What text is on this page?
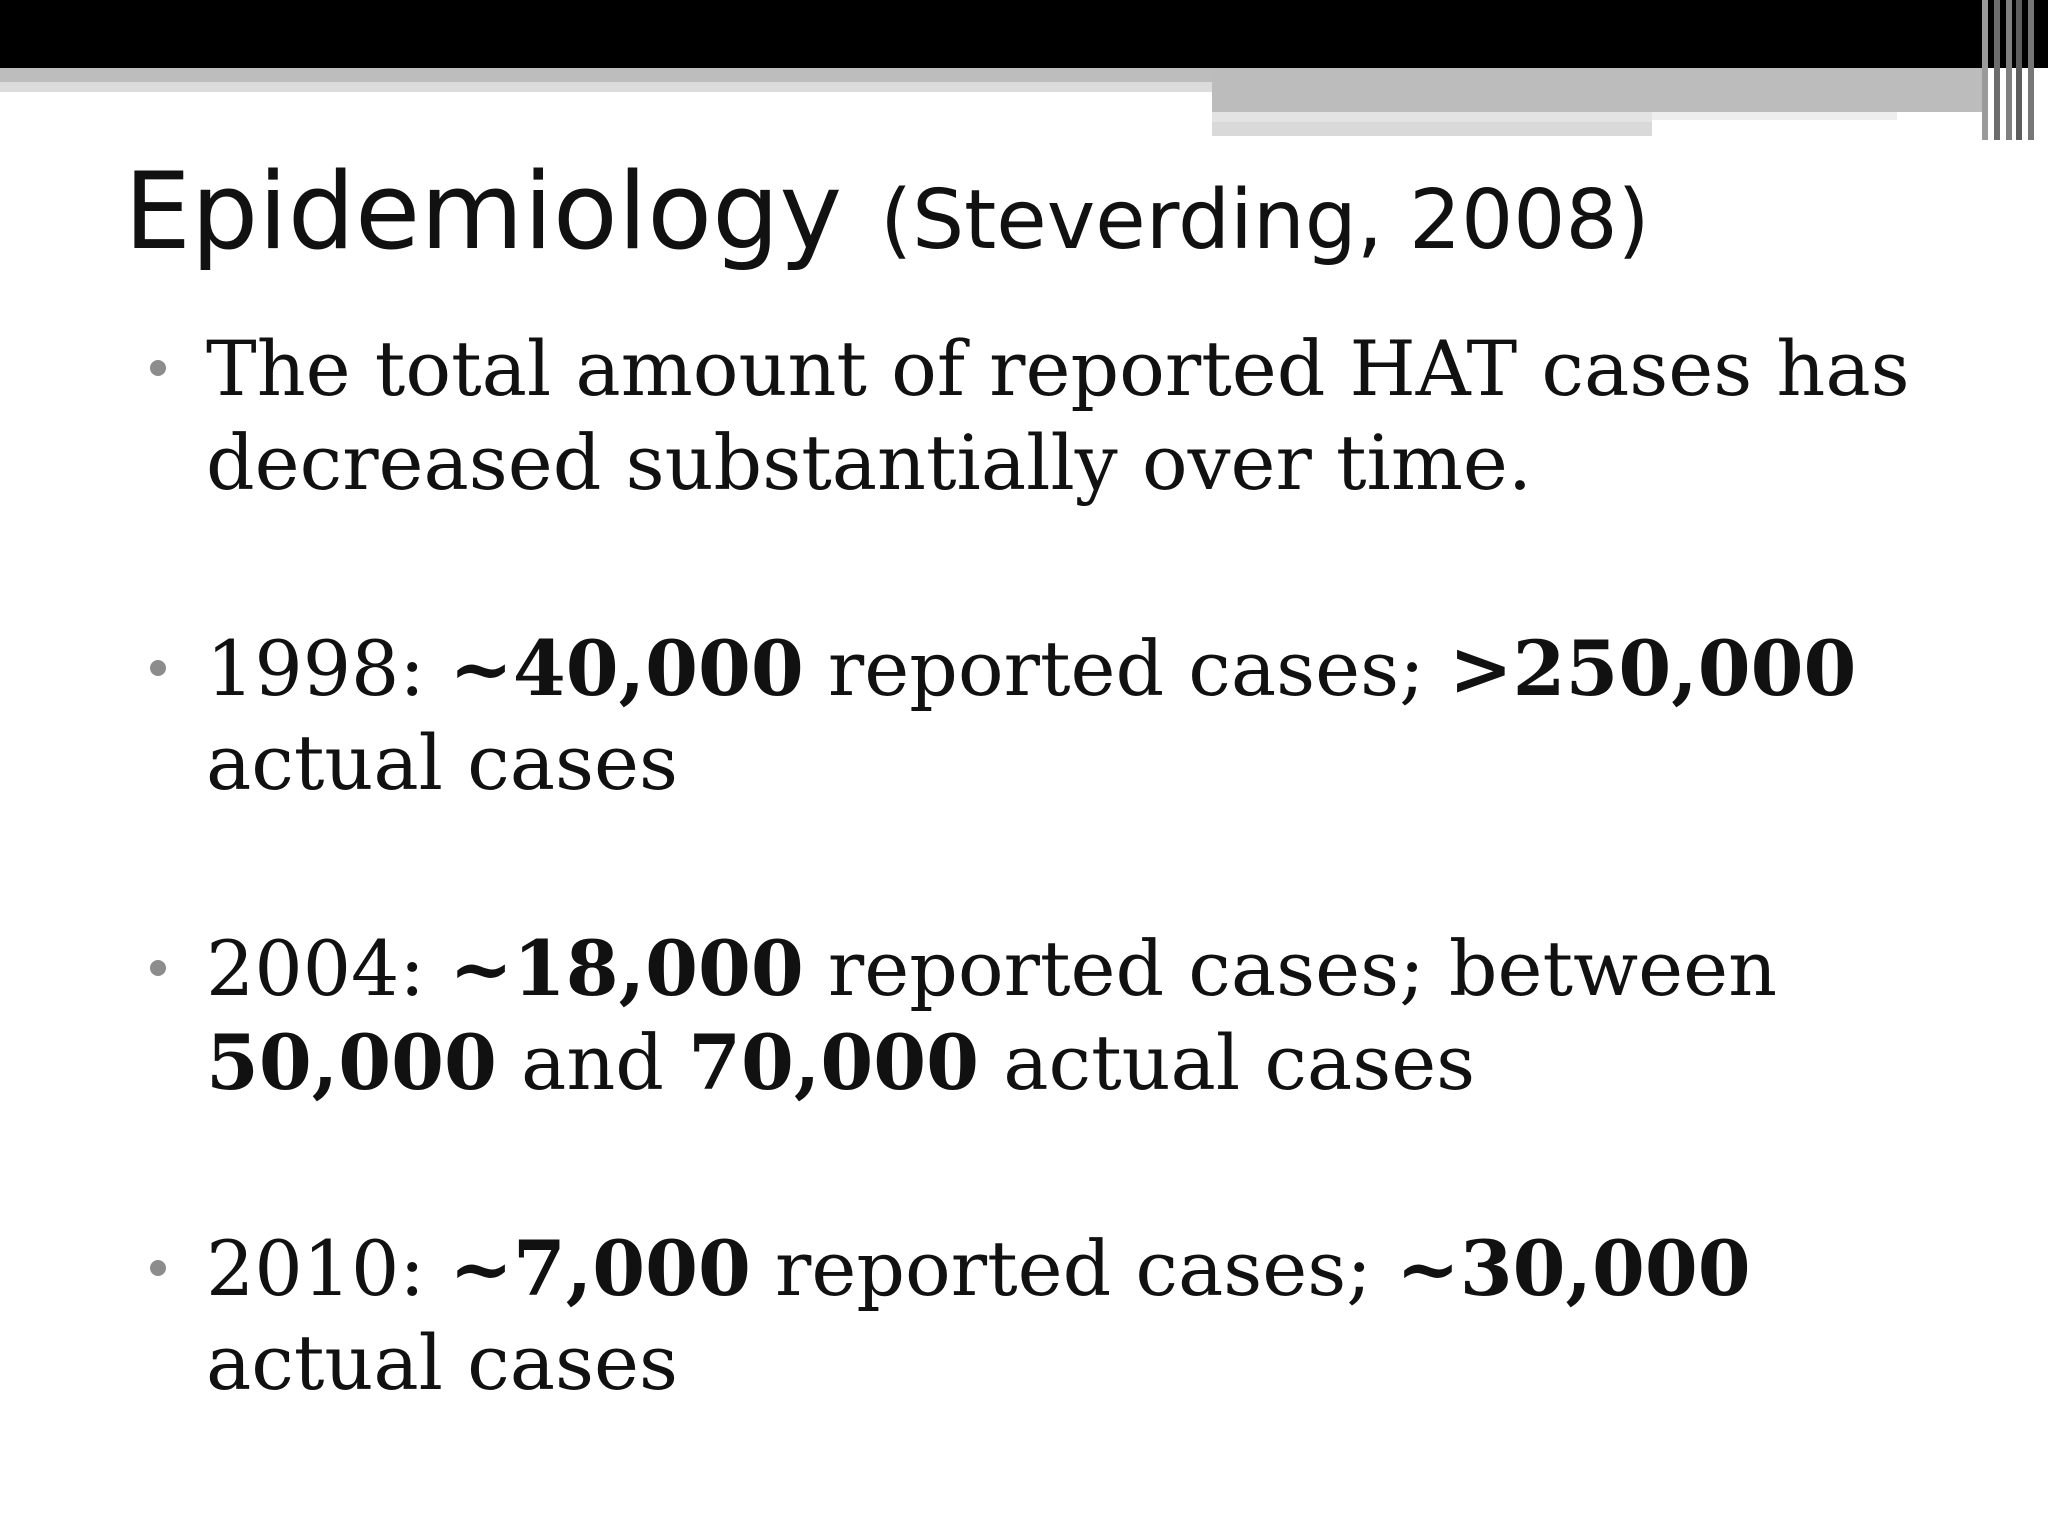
Epidemiology (Steverding, 2008)
The total amount of reported HAT cases has decreased substantially over time.
1998: ~40,000 reported cases; >250,000 actual cases
2004: ~18,000 reported cases; between 50,000 and 70,000 actual cases
2010: ~7,000 reported cases; ~30,000 actual cases
